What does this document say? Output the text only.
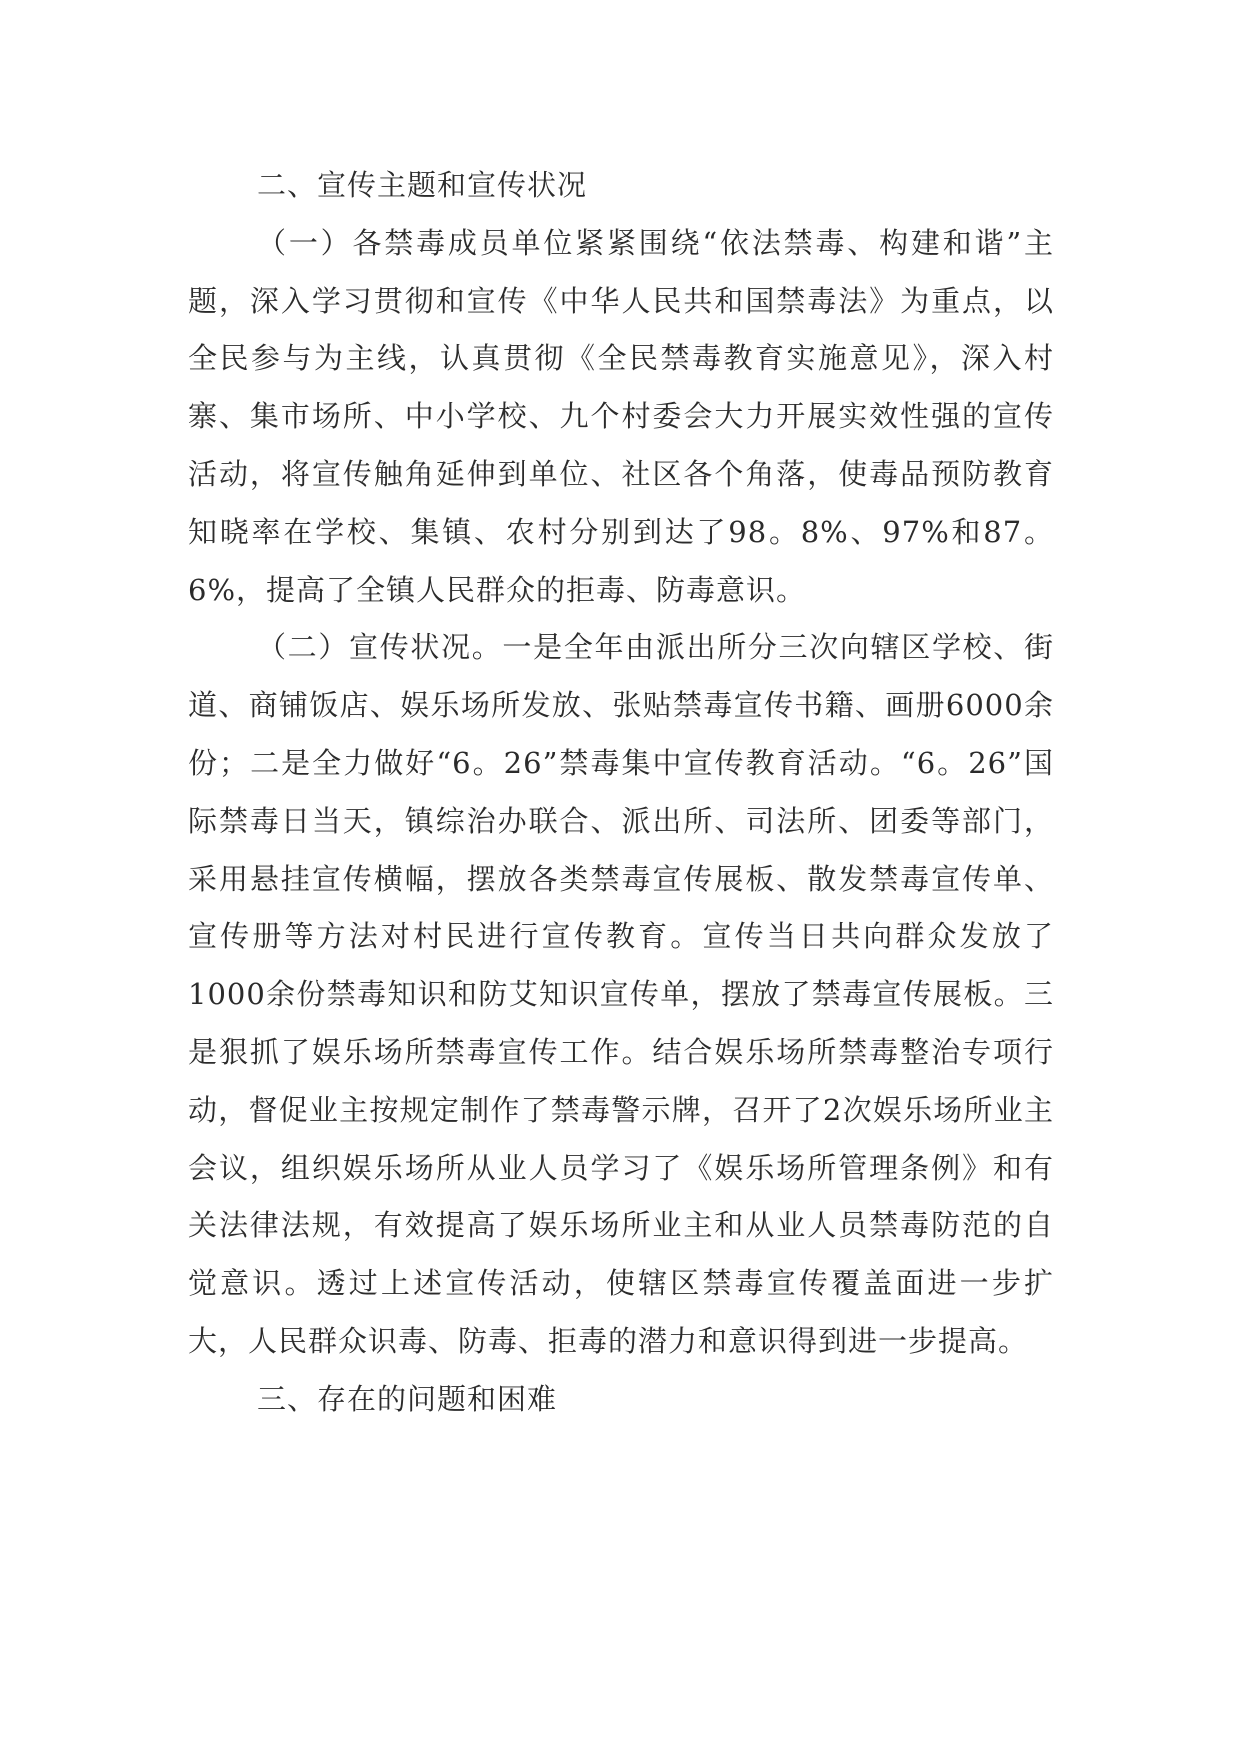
二、宣传主题和宣传状况

（一）各禁毒成员单位紧紧围绕“依法禁毒、构建和谐”主题，深入学习贯彻和宣传《中华人民共和国禁毒法》为重点，以全民参与为主线，认真贯彻《全民禁毒教育实施意见》，深入村寨、集市场所、中小学校、九个村委会大力开展实效性强的宣传活动，将宣传触角延伸到单位、社区各个角落，使毒品预防教育知晓率在学校、集镇、农村分别到达了98。8%、97%和87。6%，提高了全镇人民群众的拒毒、防毒意识。

（二）宣传状况。一是全年由派出所分三次向辖区学校、街道、商铺饭店、娱乐场所发放、张贴禁毒宣传书籍、画册6000余份；二是全力做好“6。26”禁毒集中宣传教育活动。“6。26”国际禁毒日当天，镇综治办联合、派出所、司法所、团委等部门，采用悬挂宣传横幅，摆放各类禁毒宣传展板、散发禁毒宣传单、宣传册等方法对村民进行宣传教育。宣传当日共向群众发放了1000余份禁毒知识和防艾知识宣传单，摆放了禁毒宣传展板。三是狠抓了娱乐场所禁毒宣传工作。结合娱乐场所禁毒整治专项行动，督促业主按规定制作了禁毒警示牌，召开了2次娱乐场所业主会议，组织娱乐场所从业人员学习了《娱乐场所管理条例》和有关法律法规，有效提高了娱乐场所业主和从业人员禁毒防范的自觉意识。透过上述宣传活动，使辖区禁毒宣传覆盖面进一步扩大，人民群众识毒、防毒、拒毒的潜力和意识得到进一步提高。

三、存在的问题和困难
